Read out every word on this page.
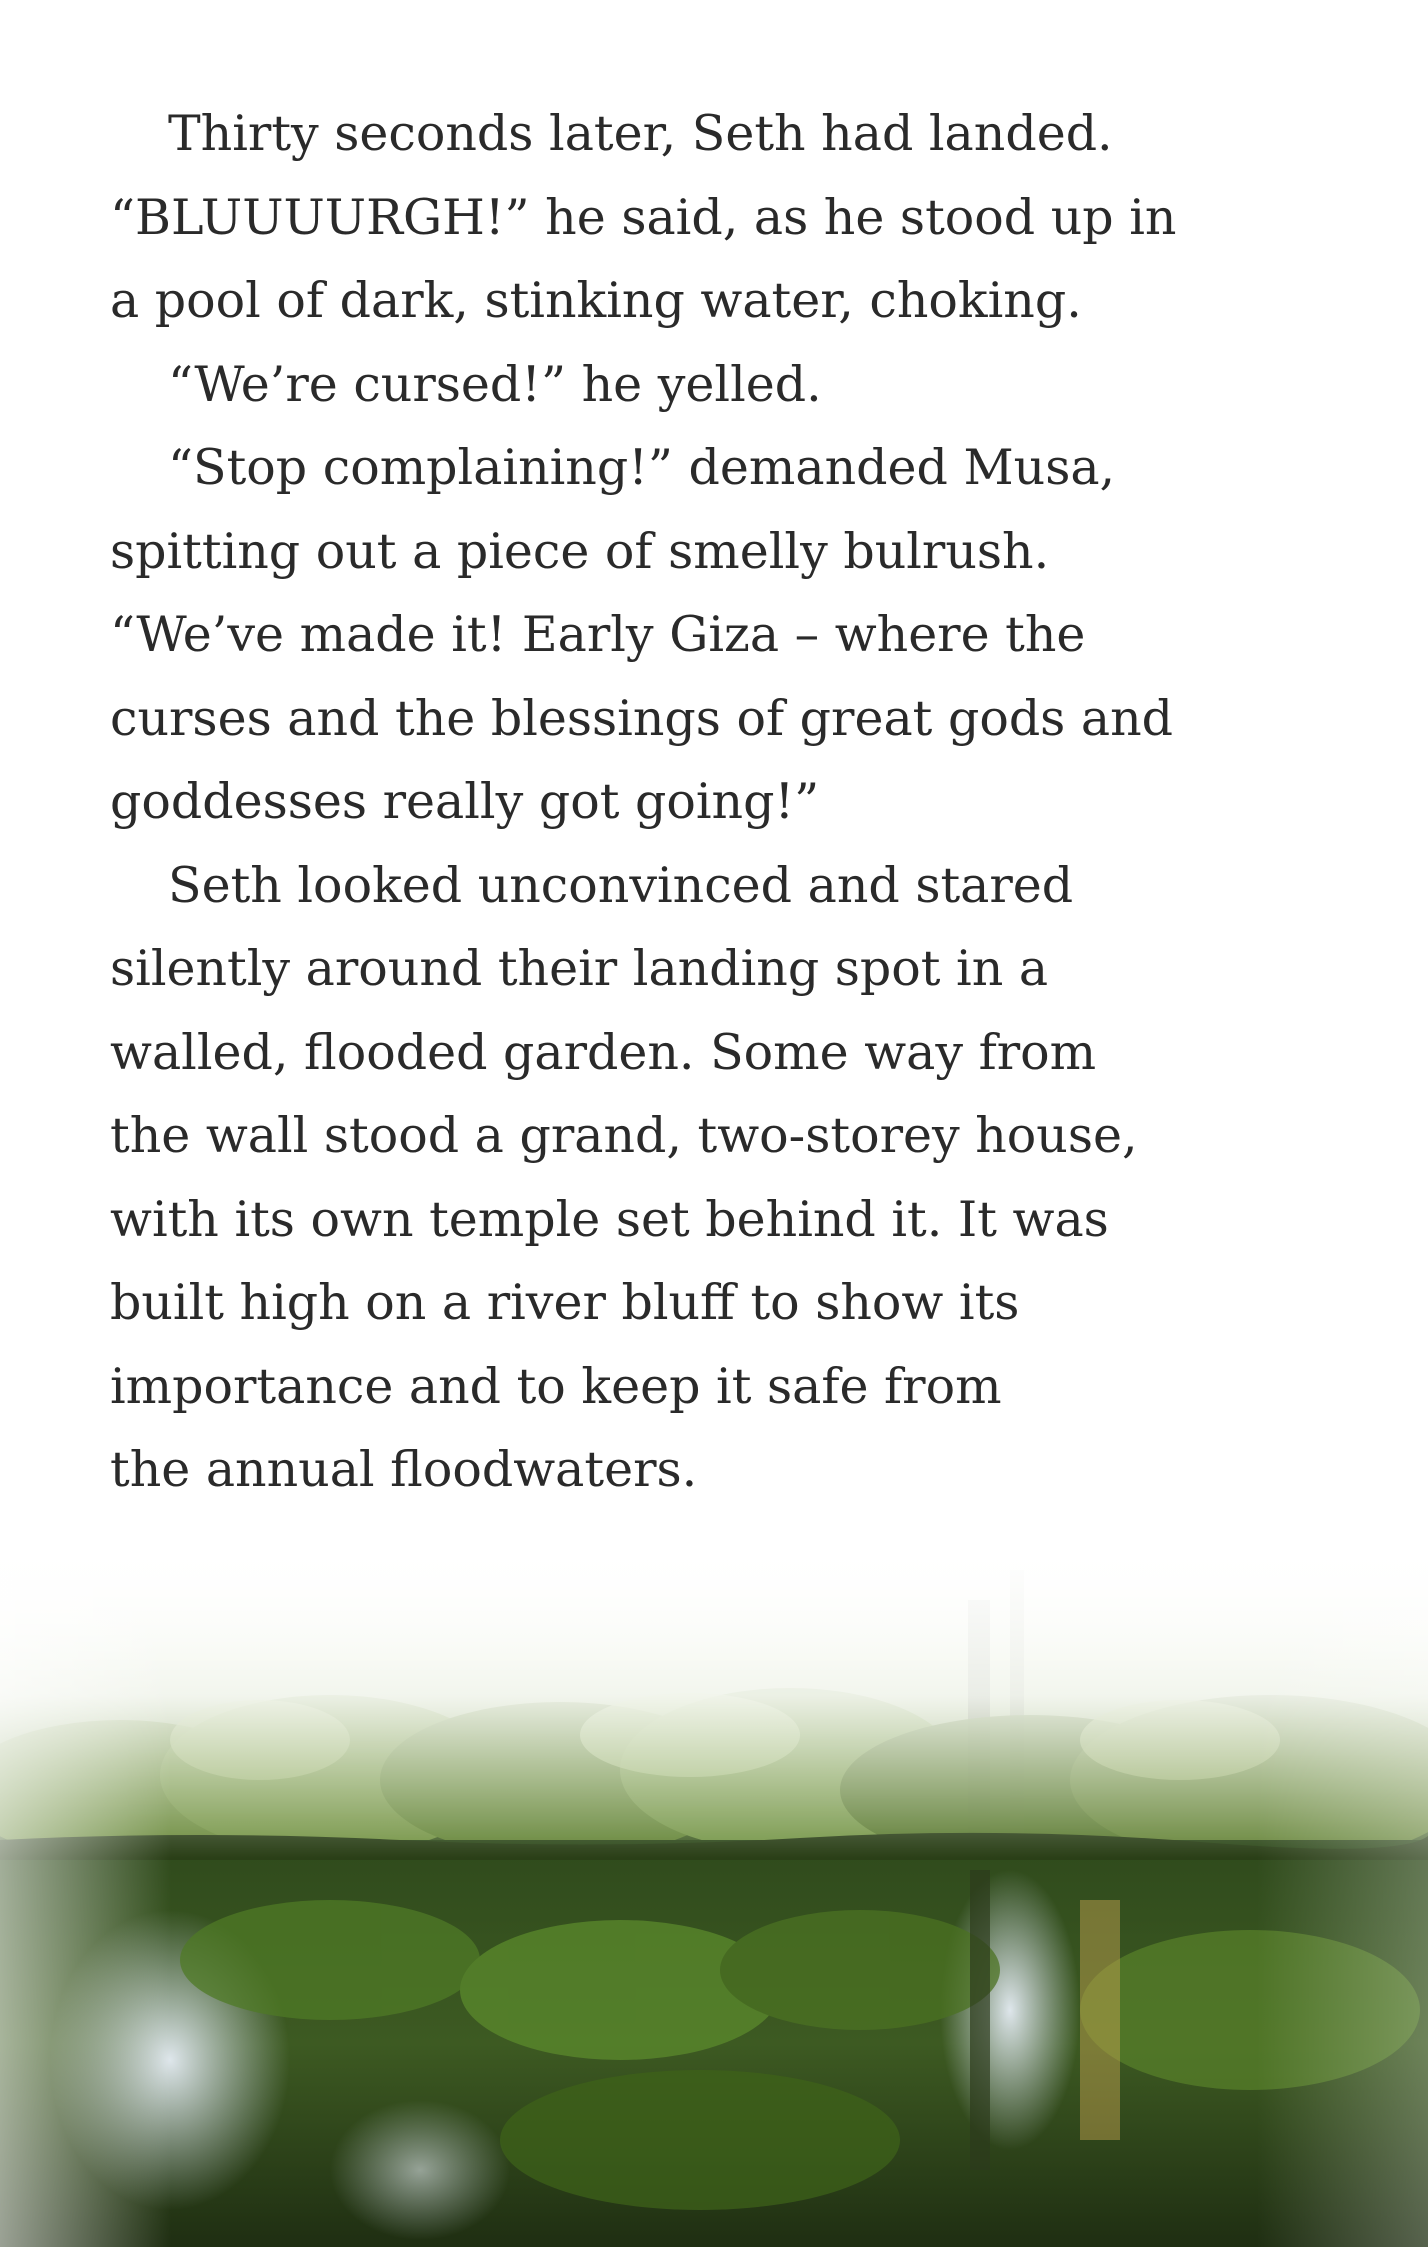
Thirty seconds later, Seth had landed.
“BLUUUURGH!” he said, as he stood up in
a pool of dark, stinking water, choking.
“We’re cursed!” he yelled.
“Stop complaining!” demanded Musa,
spitting out a piece of smelly bulrush.
“We’ve made it! Early Giza – where the
curses and the blessings of great gods and
goddesses really got going!”
Seth looked unconvinced and stared
silently around their landing spot in a
walled, flooded garden. Some way from
the wall stood a grand, two-storey house,
with its own temple set behind it. It was
built high on a river bluff to show its
importance and to keep it safe from
the annual floodwaters.
